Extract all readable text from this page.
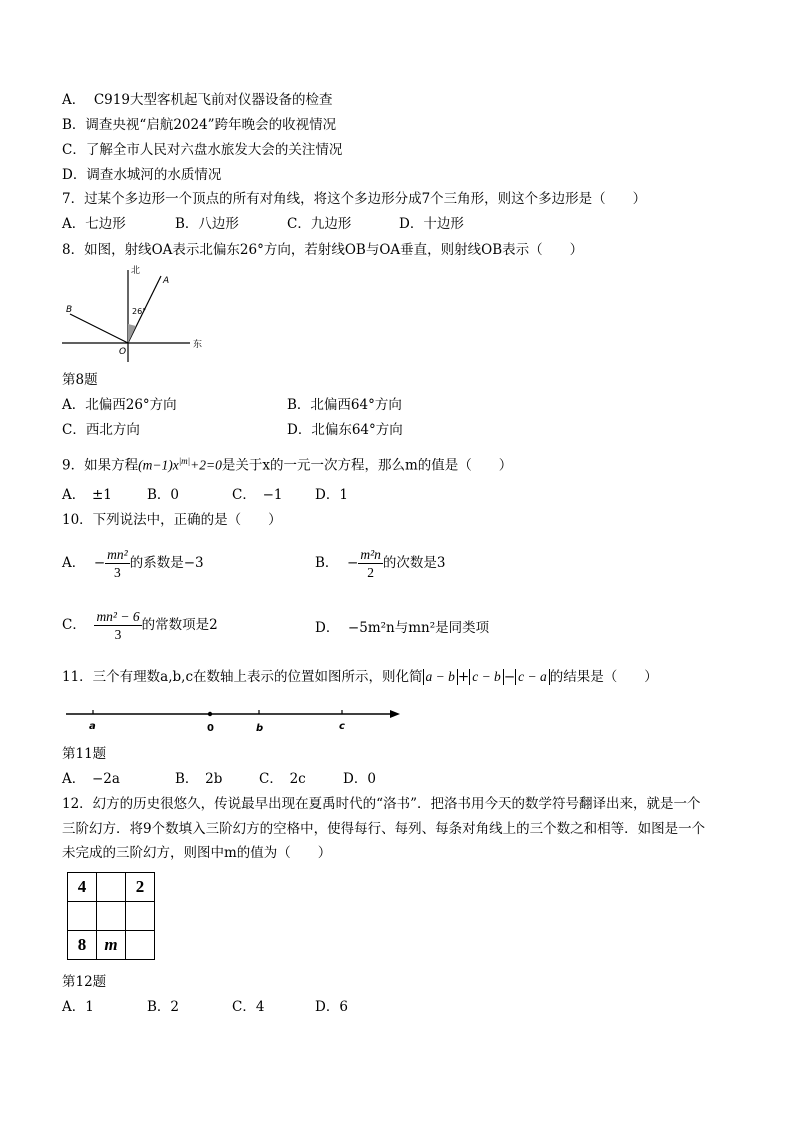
A． C919大型客机起飞前对仪器设备的检查
B．调查央视“启航2024”跨年晚会的收视情况
C．了解全市人民对六盘水旅发大会的关注情况
D．调查水城河的水质情况
7．过某个多边形一个顶点的所有对角线，将这个多边形分成7个三角形，则这个多边形是（　　）
A．七边形	B．八边形	C．九边形	D．十边形
8．如图，射线OA表示北偏东26°方向，若射线OB与OA垂直，则射线OB表示（　　）
北
东
A
B
O
26°
第8题
A．北偏西26°方向	B．北偏西64°方向
C．西北方向	D．北偏东64°方向
9．如果方程$(m-1)x^{|m|}+2=0$是关于x的一元一次方程，那么m的值是（　　）
A．　±1	B．0	C．　−1 D．1
10．下列说法中，正确的是（　　）
A．  − $\frac{\text{mn²}}{3}$ 的系数是−3	B．  − $\frac{\text{m²n}}{2}$ 的次数是3
C． $\frac{\text{mn² − 6}}{3}$ 的常数项是2	D． −5m²n与mn²是同类项
11．三个有理数a,b,c在数轴上表示的位置如图所示，则化简 a − b + c − b − c − a 的结果是（　　）
a	0	b	c
第11题
A．　−2a	B．　2b	C．　2c	D．0
12．幻方的历史很悠久，传说最早出现在夏禹时代的“洛书”．把洛书用今天的数学符号翻译出来，就是一个
三阶幻方．将9个数填入三阶幻方的空格中，使得每行、每列、每条对角线上的三个数之和相等．如图是一个
未完成的三阶幻方，则图中m的值为（　　）
4		2

8	m	
第12题
A．1	B．2	C．4	D．6
